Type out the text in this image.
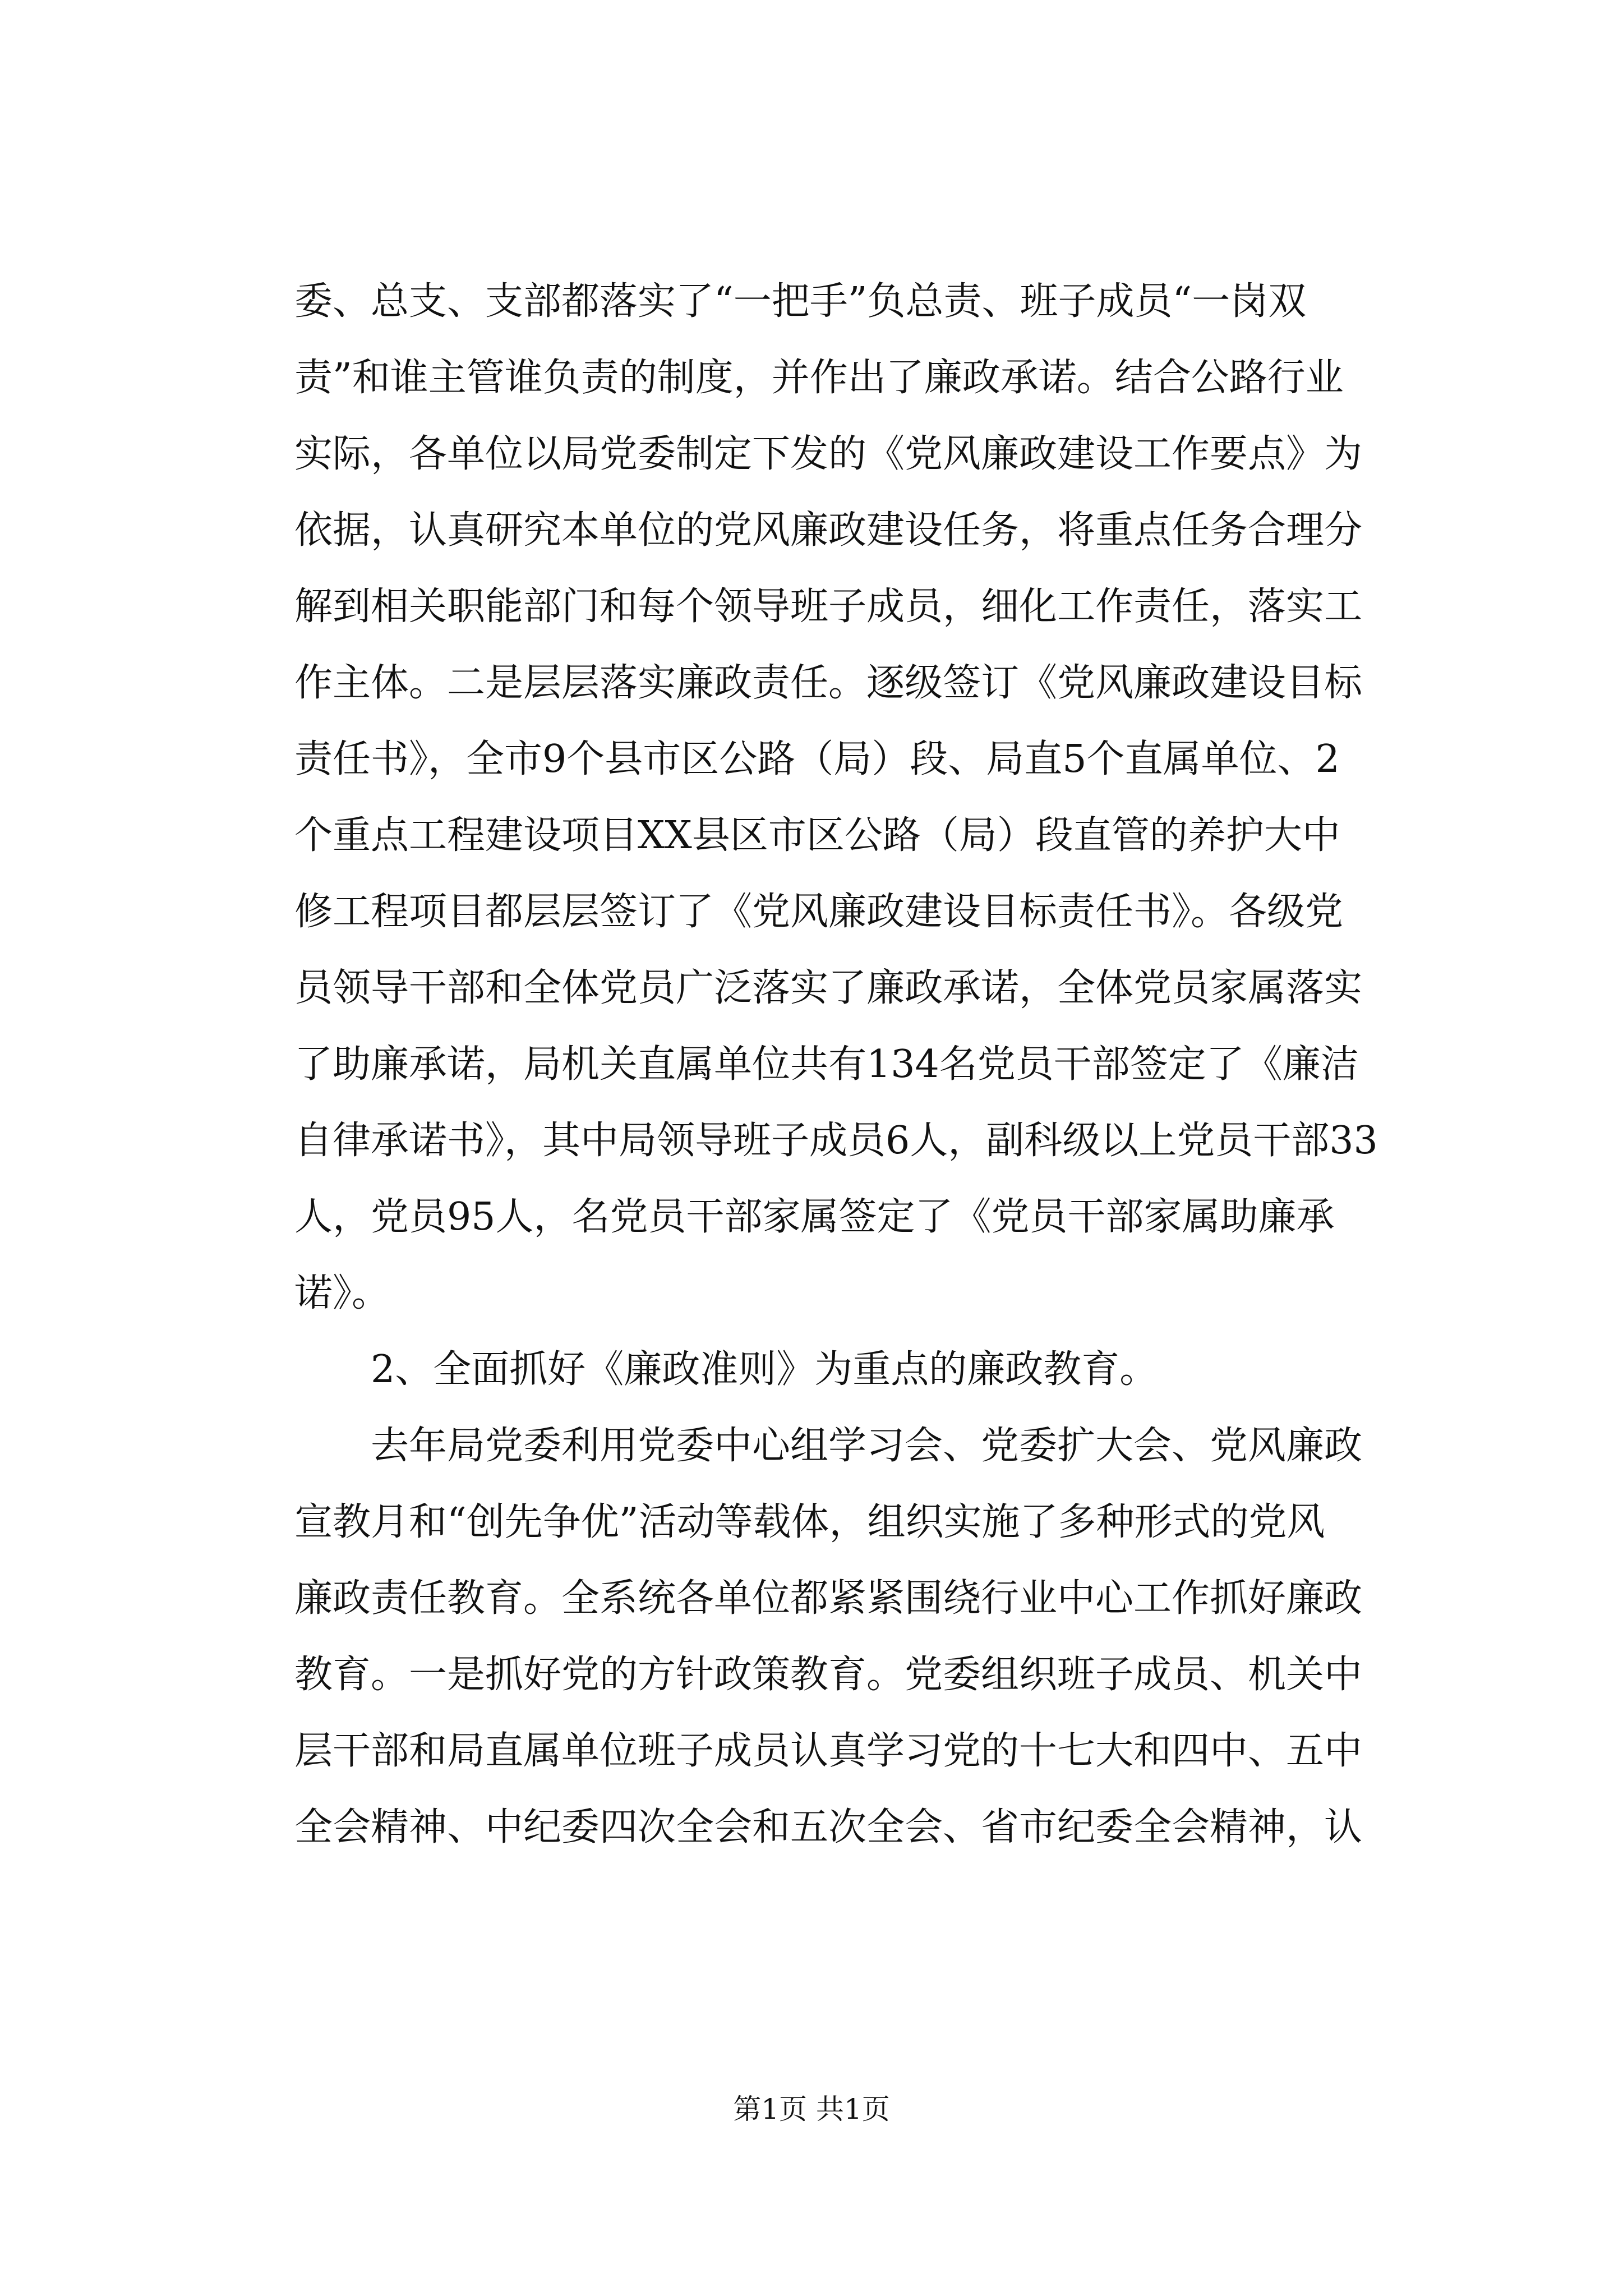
委、总支、支部都落实了“一把手”负总责、班子成员“一岗双
责”和谁主管谁负责的制度，并作出了廉政承诺。结合公路行业
实际，各单位以局党委制定下发的《党风廉政建设工作要点》为
依据，认真研究本单位的党风廉政建设任务，将重点任务合理分
解到相关职能部门和每个领导班子成员，细化工作责任，落实工
作主体。二是层层落实廉政责任。逐级签订《党风廉政建设目标
责任书》，全市9个县市区公路（局）段、局直5个直属单位、2
个重点工程建设项目XX县区市区公路（局）段直管的养护大中
修工程项目都层层签订了《党风廉政建设目标责任书》。各级党
员领导干部和全体党员广泛落实了廉政承诺，全体党员家属落实
了助廉承诺，局机关直属单位共有134名党员干部签定了《廉洁
自律承诺书》，其中局领导班子成员6人，副科级以上党员干部33
人，党员95人，名党员干部家属签定了《党员干部家属助廉承
诺》。
2、全面抓好《廉政准则》为重点的廉政教育。
去年局党委利用党委中心组学习会、党委扩大会、党风廉政
宣教月和“创先争优”活动等载体，组织实施了多种形式的党风
廉政责任教育。全系统各单位都紧紧围绕行业中心工作抓好廉政
教育。一是抓好党的方针政策教育。党委组织班子成员、机关中
层干部和局直属单位班子成员认真学习党的十七大和四中、五中
全会精神、中纪委四次全会和五次全会、省市纪委全会精神，认
第1页 共1页
